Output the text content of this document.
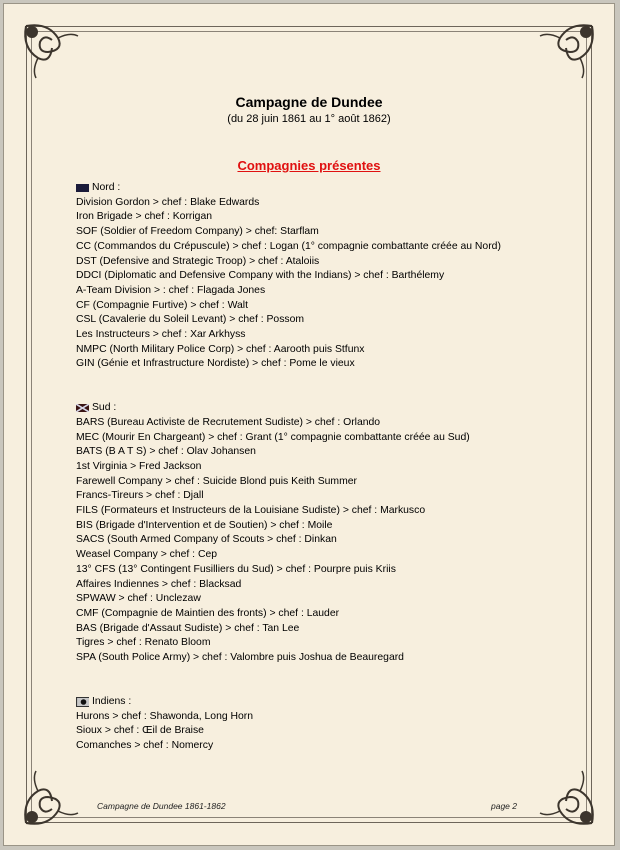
Campagne de Dundee
(du 28 juin 1861 au 1° août 1862)
Compagnies présentes
Nord :
Division Gordon > chef : Blake Edwards
Iron Brigade > chef : Korrigan
SOF (Soldier of Freedom Company) > chef: Starflam
CC (Commandos du Crépuscule) > chef : Logan (1° compagnie combattante créée au Nord)
DST (Defensive and Strategic Troop) > chef : Ataloiis
DDCI (Diplomatic and Defensive Company with the Indians) > chef : Barthélemy
A-Team Division > : chef : Flagada Jones
CF (Compagnie Furtive) > chef : Walt
CSL (Cavalerie du Soleil Levant) > chef : Possom
Les Instructeurs > chef : Xar Arkhyss
NMPC (North Military Police Corp) > chef : Aarooth puis Stfunx
GIN (Génie et Infrastructure Nordiste) > chef : Pome le vieux
Sud :
BARS (Bureau Activiste de Recrutement Sudiste) > chef : Orlando
MEC (Mourir En Chargeant) > chef : Grant (1° compagnie combattante créée au Sud)
BATS (B A T S) > chef : Olav Johansen
1st Virginia > Fred Jackson
Farewell Company > chef : Suicide Blond puis Keith Summer
Francs-Tireurs > chef : Djall
FILS (Formateurs et Instructeurs de la Louisiane Sudiste) > chef : Markusco
BIS (Brigade d'Intervention et de Soutien) > chef : Moile
SACS (South Armed Company of Scouts > chef : Dinkan
Weasel Company > chef : Cep
13° CFS (13° Contingent Fusilliers du Sud) > chef : Pourpre puis Kriis
Affaires Indiennes > chef : Blacksad
SPWAW > chef : Unclezaw
CMF (Compagnie de Maintien des fronts) > chef : Lauder
BAS (Brigade d'Assaut Sudiste) > chef : Tan Lee
Tigres > chef : Renato Bloom
SPA (South Police Army) > chef : Valombre puis Joshua de Beauregard
Indiens :
Hurons > chef : Shawonda, Long Horn
Sioux > chef : Œil de Braise
Comanches > chef : Nomercy
Campagne de Dundee 1861-1862	page 2
